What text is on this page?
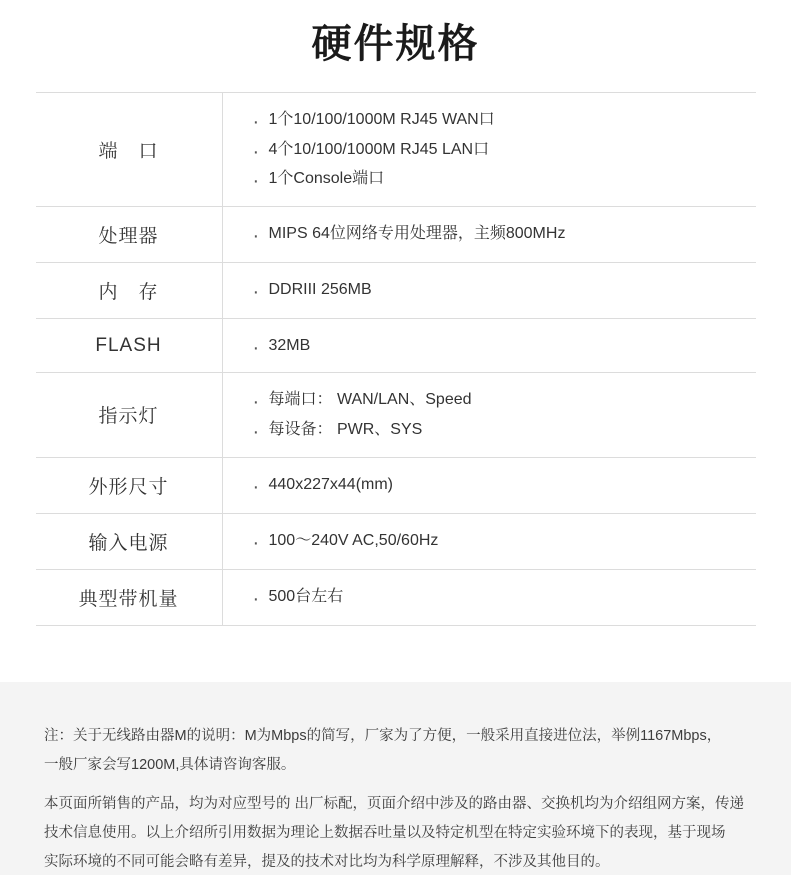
硬件规格
端　口	· 1个10/100/1000M RJ45 WAN口
· 4个10/100/1000M RJ45 LAN口
· 1个Console端口

处理器	· MIPS 64位网络专用处理器，主频800MHz

内　存	· DDRIII 256MB

FLASH	· 32MB

指示灯	· 每端口： WAN/LAN、Speed
· 每设备： PWR、SYS

外形尺寸	· 440x227x44(mm)

输入电源	· 100～240V AC,50/60Hz

典型带机量	· 500台左右

注：关于无线路由器M的说明：M为Mbps的简写，厂家为了方便，一般采用直接进位法，举例1167Mbps，

一般厂家会写1200M,具体请咨询客服。

本页面所销售的产品，均为对应型号的 出厂标配，页面介绍中涉及的路由器、交换机均为介绍组网方案，传递

技术信息使用。以上介绍所引用数据为理论上数据吞吐量以及特定机型在特定实验环境下的表现，基于现场

实际环境的不同可能会略有差异，提及的技术对比均为科学原理解释，不涉及其他目的。
